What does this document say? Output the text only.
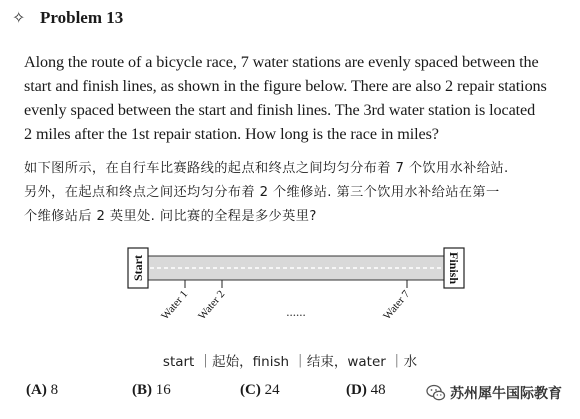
✧ Problem 13
Along the route of a bicycle race, 7 water stations are evenly spaced between the
start and finish lines, as shown in the figure below. There are also 2 repair stations
evenly spaced between the start and finish lines. The 3rd water station is located
2 miles after the 1st repair station. How long is the race in miles?
如下图所示，在自行车比赛路线的起点和终点之间均匀分布着 7 个饮用水补给站.
另外，在起点和终点之间还均匀分布着 2 个维修站. 第三个饮用水补给站在第一
个维修站后 2 英里处. 问比赛的全程是多少英里?
Start	Finish
Water 1 Water 2	Water 7
......
start ｜起始，finish ｜结束，water ｜水
(A) 8	(B) 16	(C) 24	(D) 48	苏州犀牛国际教育
